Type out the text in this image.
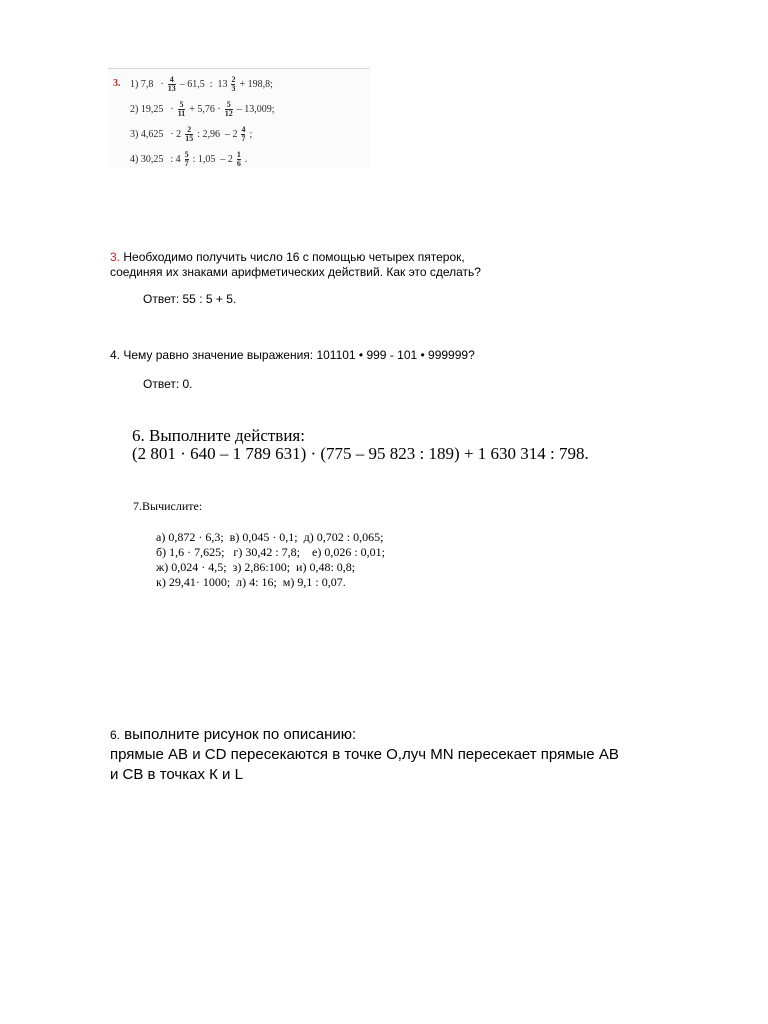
3. 1) 7,8 · 4
13 – 61,5  :  13 2
3 + 198,8;
2) 19,25 · 5
11 + 5,76 · 5
12 – 13,009;
3) 4,625 · 2 2
15 : 2,96  – 2 4
7 ;
4) 30,25 : 4 5
7 : 1,05  – 2 1
6 .
3. Необходимо получить число 16 с помощью четырех пятерок,
соединяя их знаками арифметических действий. Как это сделать?
Ответ: 55 : 5 + 5.
4. Чему равно значение выражения: 101101 • 999 - 101 • 999999?
Ответ: 0.
6. Выполните действия:
(2 801 · 640 – 1 789 631) · (775 – 95 823 : 189) + 1 630 314 : 798.
7.Вычислите:
а) 0,872 · 6,3;  в) 0,045 · 0,1;  д) 0,702 : 0,065;
б) 1,6 · 7,625;   г) 30,42 : 7,8;    е) 0,026 : 0,01;
ж) 0,024 · 4,5;  з) 2,86:100;  и) 0,48: 0,8;
к) 29,41· 1000;  л) 4: 16;  м) 9,1 : 0,07.
6. выполните рисунок по описанию:
прямые АВ и CD пересекаются в точке О,луч MN пересекает прямые АВ
и СВ в точках К и L
